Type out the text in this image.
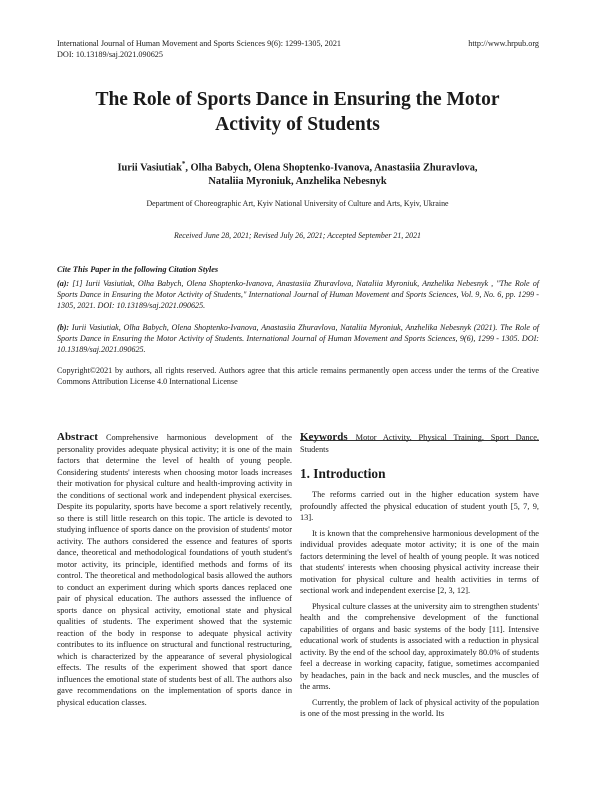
International Journal of Human Movement and Sports Sciences 9(6): 1299-1305, 2021	http://www.hrpub.org
DOI: 10.13189/saj.2021.090625
The Role of Sports Dance in Ensuring the Motor
Activity of Students
Iurii Vasiutiak*, Olha Babych, Olena Shoptenko-Ivanova, Anastasiia Zhuravlova,
Nataliia Myroniuk, Anzhelika Nebesnyk
Department of Choreographic Art, Kyiv National University of Culture and Arts, Kyiv, Ukraine
Received June 28, 2021; Revised July 26, 2021; Accepted September 21, 2021
Cite This Paper in the following Citation Styles
(a): [1] Iurii Vasiutiak, Olha Babych, Olena Shoptenko-Ivanova, Anastasiia Zhuravlova, Nataliia Myroniuk, Anzhelika Nebesnyk , "The Role of Sports Dance in Ensuring the Motor Activity of Students," International Journal of Human Movement and Sports Sciences, Vol. 9, No. 6, pp. 1299 - 1305, 2021. DOI: 10.13189/saj.2021.090625.
(b): Iurii Vasiutiak, Olha Babych, Olena Shoptenko-Ivanova, Anastasiia Zhuravlova, Nataliia Myroniuk, Anzhelika Nebesnyk (2021). The Role of Sports Dance in Ensuring the Motor Activity of Students. International Journal of Human Movement and Sports Sciences, 9(6), 1299 - 1305. DOI: 10.13189/saj.2021.090625.
Copyright©2021 by authors, all rights reserved. Authors agree that this article remains permanently open access under the terms of the Creative Commons Attribution License 4.0 International License
Abstract Comprehensive harmonious development of the personality provides adequate physical activity; it is one of the main factors that determine the level of health of young people. Considering students' interests when choosing motor loads increases their motivation for physical culture and health-improving activity in the conditions of sectional work and independent physical exercises. Despite its popularity, sports have become a sport relatively recently, so there is still little research on this topic. The article is devoted to studying influence of sports dance on the provision of students' motor activity. The authors considered the essence and features of sports dance, theoretical and methodological foundations of youth student's motor activity, its principle, identified methods and forms of its control. The theoretical and methodological basis allowed the authors to conduct an experiment during which sports dances replaced one pair of physical education. The authors assessed the influence of sports dance on physical activity, emotional state and physical qualities of students. The experiment showed that the systemic reaction of the body in response to adequate physical activity contributes to its influence on structural and functional restructuring, which is characterized by the appearance of several physiological effects. The results of the experiment showed that sport dance influences the emotional state of students best of all. The authors also gave recommendations on the implementation of sports dance in physical education classes.
Keywords Motor Activity, Physical Training, Sport Dance, Students
1. Introduction

The reforms carried out in the higher education system have profoundly affected the physical education of student youth [5, 7, 9, 13].

It is known that the comprehensive harmonious development of the individual provides adequate motor activity; it is one of the main factors determining the level of health of young people. It was noticed that students' interests when choosing physical activity increase their motivation for physical culture and health activities in terms of sectional work and independent exercise [2, 3, 12].

Physical culture classes at the university aim to strengthen students' health and the comprehensive development of the functional capabilities of organs and basic systems of the body [11]. Intensive educational work of students is associated with a reduction in physical activity. By the end of the school day, approximately 80.0% of students feel a decrease in working capacity, fatigue, sometimes accompanied by headaches, pain in the back and neck muscles, and the muscles of the arms.

Currently, the problem of lack of physical activity of the population is one of the most pressing in the world. Its
